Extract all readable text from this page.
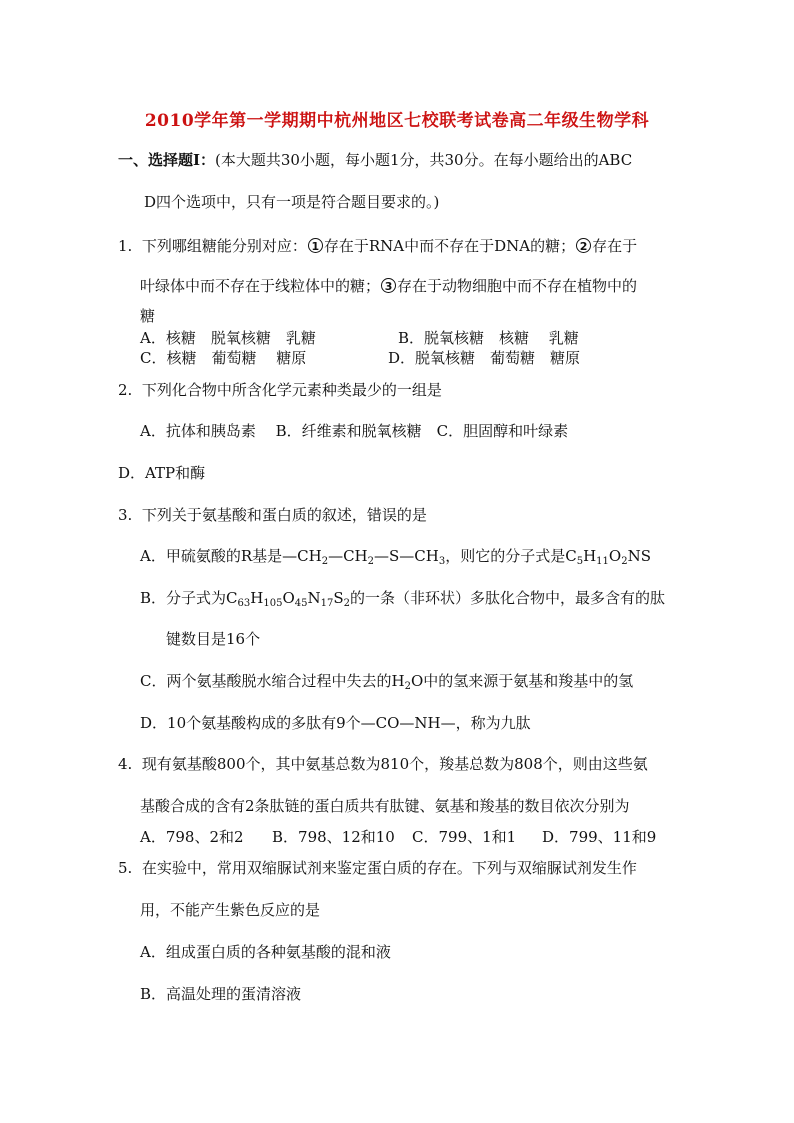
2010学年第一学期期中杭州地区七校联考试卷高二年级生物学科
一、选择题Ⅰ：(本大题共30小题，每小题1分，共30分。在每小题给出的ABC
D四个选项中，只有一项是符合题目要求的。)
1. 下列哪组糖能分别对应： 1 存在于RNA中而不存在于DNA的糖； 2 存在于
叶绿体中而不存在于线粒体中的糖； 3 存在于动物细胞中而不存在植物中的
糖
A．核糖　脱氧核糖　乳糖	B．脱氧核糖　核糖　 乳糖
C．核糖　葡萄糖　 糖原	D．脱氧核糖　葡萄糖　糖原
2. 下列化合物中所含化学元素种类最少的一组是
A．抗体和胰岛素　 B．纤维素和脱氧核糖　C．胆固醇和叶绿素
D．ATP和酶
3. 下列关于氨基酸和蛋白质的叙述，错误的是
A．甲硫氨酸的R基是$—CH_2—CH_2—S—CH_3$，则它的分子式是$C_5H_{11}O_2NS$
B．分子式为$C_{63}H_{105}O_{45}N_{17}S_2$的一条（非环状）多肽化合物中，最多含有的肽
键数目是16个
C．两个氨基酸脱水缩合过程中失去的$H_2O$中的氢来源于氨基和羧基中的氢
D．10个氨基酸构成的多肽有9个—CO—NH—，称为九肽
4. 现有氨基酸800个，其中氨基总数为810个，羧基总数为808个，则由这些氨
基酸合成的含有2条肽链的蛋白质共有肽键、氨基和羧基的数目依次分别为
A．798、2和2 B．798、12和10 C．799、1和1 D．799、11和9
5. 在实验中，常用双缩脲试剂来鉴定蛋白质的存在。下列与双缩脲试剂发生作
用，不能产生紫色反应的是
A．组成蛋白质的各种氨基酸的混和液
B．高温处理的蛋清溶液
